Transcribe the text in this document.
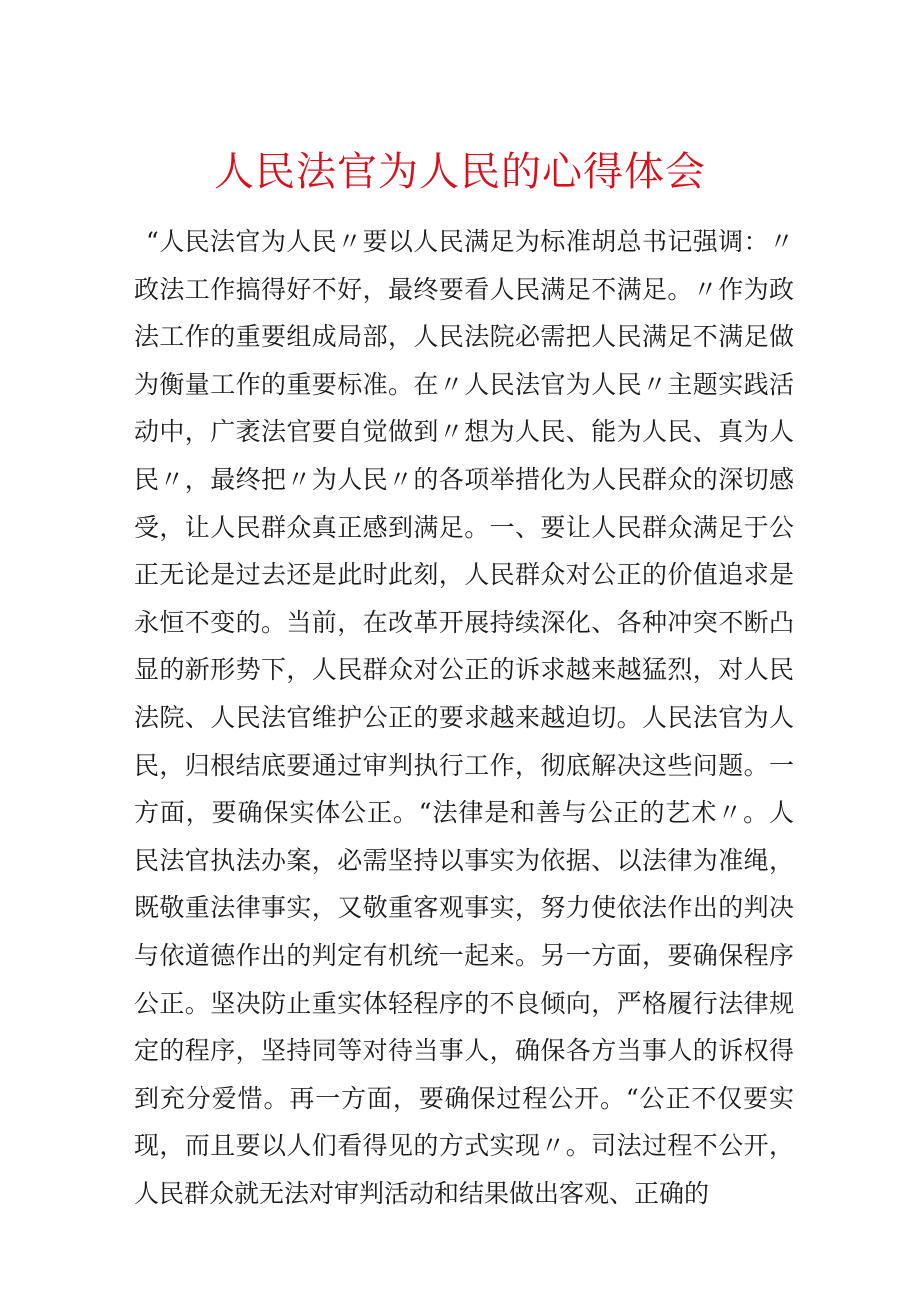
人民法官为人民的心得体会

“人民法官为人民〃要以人民满足为标准胡总书记强调：〃政法工作搞得好不好，最终要看人民满足不满足。〃作为政法工作的重要组成局部，人民法院必需把人民满足不满足做为衡量工作的重要标准。在〃人民法官为人民〃主题实践活动中，广袤法官要自觉做到〃想为人民、能为人民、真为人民〃，最终把〃为人民〃的各项举措化为人民群众的深切感受，让人民群众真正感到满足。一、要让人民群众满足于公正无论是过去还是此时此刻，人民群众对公正的价值追求是永恒不变的。当前，在改革开展持续深化、各种冲突不断凸显的新形势下，人民群众对公正的诉求越来越猛烈，对人民法院、人民法官维护公正的要求越来越迫切。人民法官为人民，归根结底要通过审判执行工作，彻底解决这些问题。一方面，要确保实体公正。“法律是和善与公正的艺术〃。人民法官执法办案，必需坚持以事实为依据、以法律为准绳，既敬重法律事实，又敬重客观事实，努力使依法作出的判决与依道德作出的判定有机统一起来。另一方面，要确保程序公正。坚决防止重实体轻程序的不良倾向，严格履行法律规定的程序，坚持同等对待当事人，确保各方当事人的诉权得到充分爱惜。再一方面，要确保过程公开。“公正不仅要实现，而且要以人们看得见的方式实现〃。司法过程不公开，人民群众就无法对审判活动和结果做出客观、正确的
